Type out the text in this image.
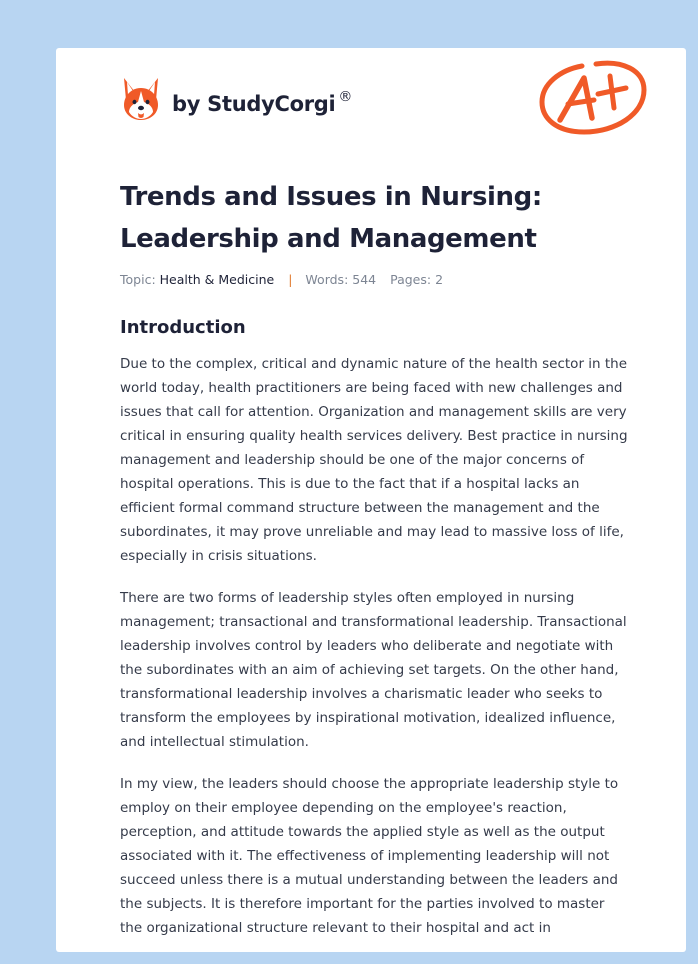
by StudyCorgi ®
Trends and Issues in Nursing: Leadership and Management
Topic: Health & Medicine | Words: 544 Pages: 2
Introduction

Due to the complex, critical and dynamic nature of the health sector in the world today, health practitioners are being faced with new challenges and issues that call for attention. Organization and management skills are very critical in ensuring quality health services delivery. Best practice in nursing management and leadership should be one of the major concerns of hospital operations. This is due to the fact that if a hospital lacks an efficient formal command structure between the management and the subordinates, it may prove unreliable and may lead to massive loss of life, especially in crisis situations.

There are two forms of leadership styles often employed in nursing management; transactional and transformational leadership. Transactional leadership involves control by leaders who deliberate and negotiate with the subordinates with an aim of achieving set targets. On the other hand, transformational leadership involves a charismatic leader who seeks to transform the employees by inspirational motivation, idealized influence, and intellectual stimulation.

In my view, the leaders should choose the appropriate leadership style to employ on their employee depending on the employee's reaction, perception, and attitude towards the applied style as well as the output associated with it. The effectiveness of implementing leadership will not succeed unless there is a mutual understanding between the leaders and the subjects. It is therefore important for the parties involved to master the organizational structure relevant to their hospital and act in
